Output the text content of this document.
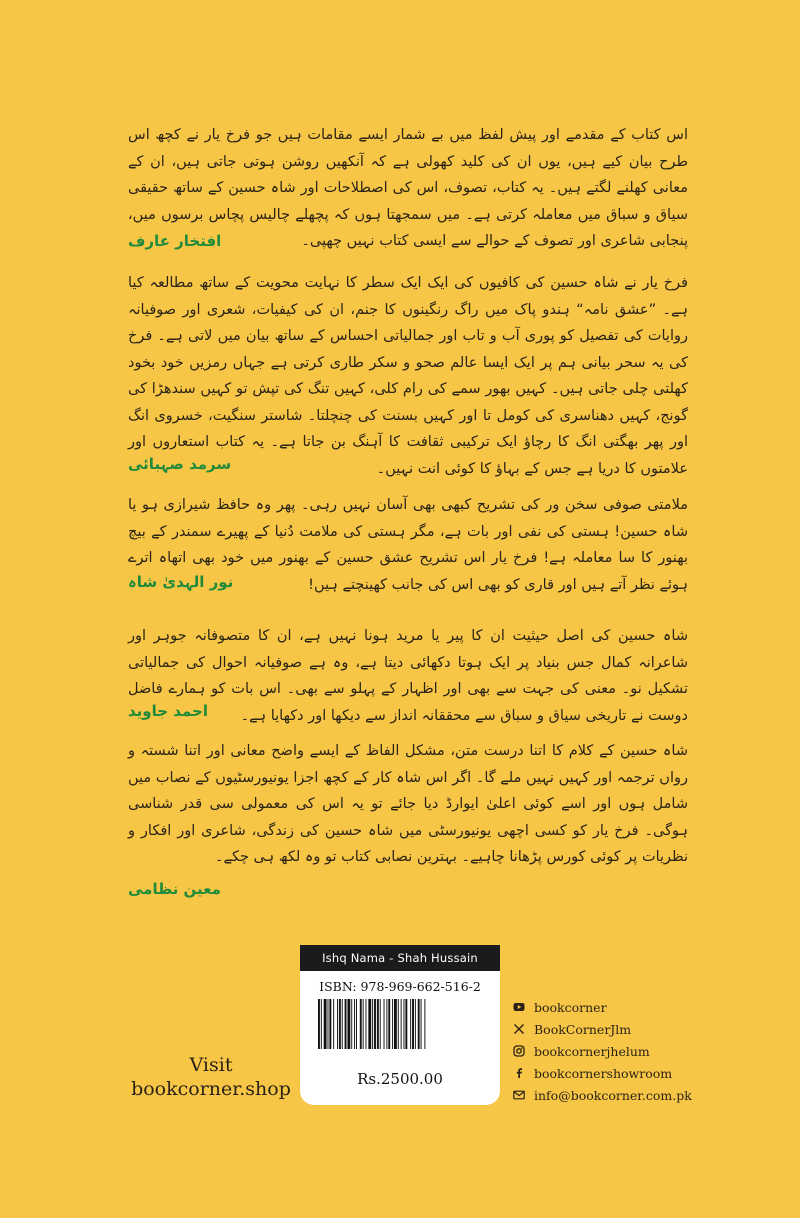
اس کتاب کے مقدمے اور پیش لفظ میں بے شمار ایسے مقامات ہیں جو فرخ یار نے کچھ اس طرح بیان کیے ہیں، یوں ان کی کلید کھولی ہے کہ آنکھیں روشن ہوتی جاتی ہیں، ان کے معانی کھلنے لگتے ہیں۔ یہ کتاب، تصوف، اس کی اصطلاحات اور شاہ حسین کے ساتھ حقیقی سیاق و سباق میں معاملہ کرتی ہے۔ میں سمجھتا ہوں کہ پچھلے چالیس پچاس برسوں میں، پنجابی شاعری اور تصوف کے حوالے سے ایسی کتاب نہیں چھپی۔

افتخار عارف

فرخ یار نے شاہ حسین کی کافیوں کی ایک ایک سطر کا نہایت محویت کے ساتھ مطالعہ کیا ہے۔ ”عشق نامہ“ ہندو پاک میں راگ رنگینوں کا جنم، ان کی کیفیات، شعری اور صوفیانہ روایات کی تفصیل کو پوری آب و تاب اور جمالیاتی احساس کے ساتھ بیان میں لاتی ہے۔ فرخ کی یہ سحر بیانی ہم پر ایک ایسا عالم صحو و سکر طاری کرتی ہے جہاں رمزیں خود بخود کھلتی چلی جاتی ہیں۔ کہیں بھور سمے کی رام کلی، کہیں تنگ کی تپش تو کہیں سندھڑا کی گونج، کہیں دھناسری کی کومل تا اور کہیں بسنت کی چنچلتا۔ شاستر سنگیت، خسروی انگ اور پھر بھگتی انگ کا رچاؤ ایک ترکیبی ثقافت کا آہنگ بن جاتا ہے۔ یہ کتاب استعاروں اور علامتوں کا دریا ہے جس کے بہاؤ کا کوئی انت نہیں۔

سرمد صہبائی

ملامتی صوفی سخن ور کی تشریح کبھی بھی آسان نہیں رہی۔ پھر وہ حافظ شیرازی ہو یا شاہ حسین! ہستی کی نفی اور بات ہے، مگر ہستی کی ملامت دُنیا کے پھیرے سمندر کے بیچ بھنور کا سا معاملہ ہے! فرخ یار اس تشریح عشق حسین کے بھنور میں خود بھی اتھاہ اترے ہوئے نظر آتے ہیں اور قاری کو بھی اس کی جانب کھینچتے ہیں!

نور الہدیٰ شاہ

شاہ حسین کی اصل حیثیت ان کا پیر یا مرید ہونا نہیں ہے، ان کا متصوفانہ جوہر اور شاعرانہ کمال جس بنیاد پر ایک ہوتا دکھائی دیتا ہے، وہ ہے صوفیانہ احوال کی جمالیاتی تشکیل نو۔ معنی کی جہت سے بھی اور اظہار کے پہلو سے بھی۔ اس بات کو ہمارے فاضل دوست نے تاریخی سیاق و سباق سے محققانہ انداز سے دیکھا اور دکھایا ہے۔

احمد جاوید

شاہ حسین کے کلام کا اتنا درست متن، مشکل الفاظ کے ایسے واضح معانی اور اتنا شستہ و رواں ترجمہ اور کہیں نہیں ملے گا۔ اگر اس شاہ کار کے کچھ اجزا یونیورسٹیوں کے نصاب میں شامل ہوں اور اسے کوئی اعلیٰ ایوارڈ دیا جائے تو یہ اس کی معمولی سی قدر شناسی ہوگی۔ فرخ یار کو کسی اچھی یونیورسٹی میں شاہ حسین کی زندگی، شاعری اور افکار و نظریات پر کوئی کورس پڑھانا چاہیے۔ بہترین نصابی کتاب تو وہ لکھ ہی چکے۔

معین نظامی
Ishq Nama - Shah Hussain
ISBN: 978-969-662-516-2
Rs.2500.00
Visit
bookcorner.shop
bookcorner
BookCornerJlm
bookcornerjhelum
bookcornershowroom
info@bookcorner.com.pk
